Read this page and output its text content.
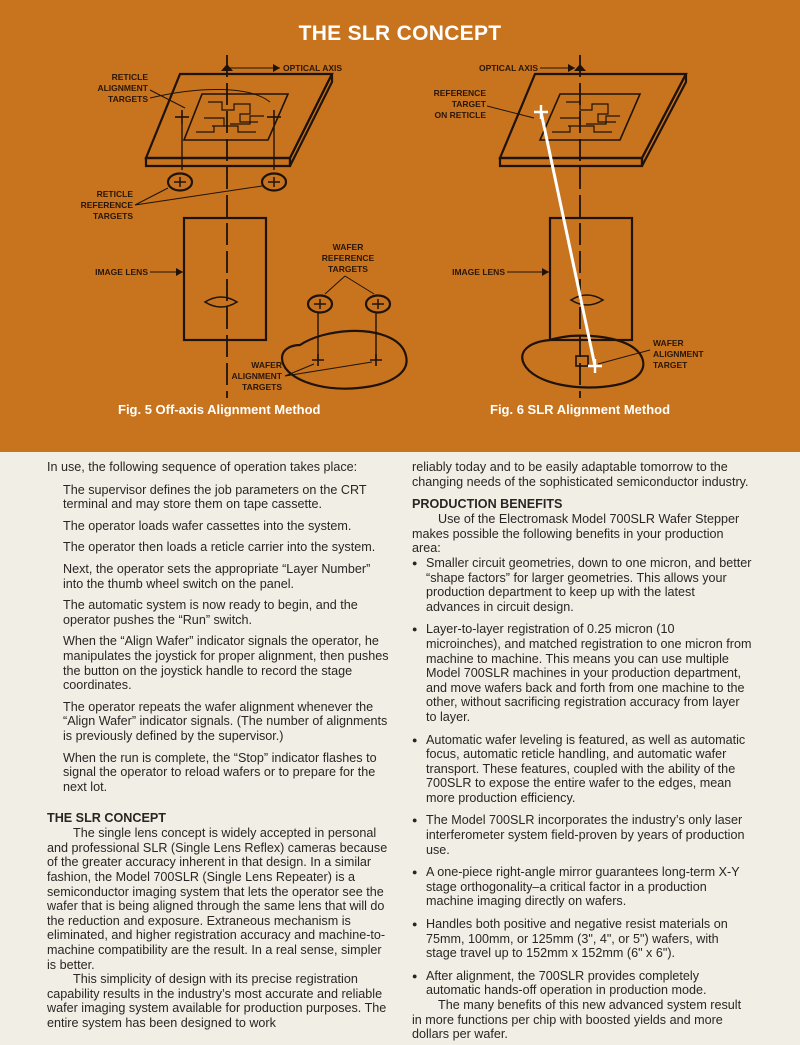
THE SLR CONCEPT
OPTICAL AXIS
RETICLE
ALIGNMENT
TARGETS
RETICLE
REFERENCE
TARGETS
IMAGE LENS
WAFER
REFERENCE
TARGETS
WAFER
ALIGNMENT
TARGETS
OPTICAL AXIS
REFERENCE
TARGET
ON RETICLE
IMAGE LENS
WAFER
ALIGNMENT
TARGET
Fig. 5 Off-axis Alignment Method	Fig. 6 SLR Alignment Method

In use, the following sequence of operation takes place:

The supervisor defines the job parameters on the CRT terminal and may store them on tape cassette.

The operator loads wafer cassettes into the system.

The operator then loads a reticle carrier into the system.

Next, the operator sets the appropriate “Layer Number” into the thumb wheel switch on the panel.

The automatic system is now ready to begin, and the operator pushes the “Run” switch.

When the “Align Wafer” indicator signals the operator, he manipulates the joystick for proper alignment, then pushes the button on the joystick handle to record the stage coordinates.

The operator repeats the wafer alignment whenever the “Align Wafer” indicator signals. (The number of alignments is previously defined by the supervisor.)

When the run is complete, the “Stop” indicator flashes to signal the operator to reload wafers or to prepare for the next lot.

THE SLR CONCEPT

The single lens concept is widely accepted in personal and professional SLR (Single Lens Reflex) cameras because of the greater accuracy inherent in that design. In a similar fashion, the Model 700SLR (Single Lens Repeater) is a semiconductor imaging system that lets the operator see the wafer that is being aligned through the same lens that will do the reduction and exposure. Extraneous mechanism is eliminated, and higher registration accuracy and machine-to-machine compatibility are the result. In a real sense, simpler is better.

This simplicity of design with its precise registration capability results in the industry’s most accurate and reliable wafer imaging system available for production purposes. The entire system has been designed to work

reliably today and to be easily adaptable tomorrow to the changing needs of the sophisticated semiconductor industry.

PRODUCTION BENEFITS

Use of the Electromask Model 700SLR Wafer Stepper makes possible the following benefits in your production area:

● Smaller circuit geometries, down to one micron, and better “shape factors” for larger geometries. This allows your production department to keep up with the latest advances in circuit design.
● Layer-to-layer registration of 0.25 micron (10 microinches), and matched registration to one micron from machine to machine. This means you can use multiple Model 700SLR machines in your production department, and move wafers back and forth from one machine to the other, without sacrificing registration accuracy from layer to layer.
● Automatic wafer leveling is featured, as well as automatic focus, automatic reticle handling, and automatic wafer transport. These features, coupled with the ability of the 700SLR to expose the entire wafer to the edges, mean more production efficiency.
● The Model 700SLR incorporates the industry’s only laser interferometer system field-proven by years of production use.
● A one-piece right-angle mirror guarantees long-term X-Y stage orthogonality–a critical factor in a production machine imaging directly on wafers.
● Handles both positive and negative resist materials on 75mm, 100mm, or 125mm (3", 4", or 5") wafers, with stage travel up to 152mm x 152mm (6" x 6").
● After alignment, the 700SLR provides completely automatic hands-off operation in production mode.

The many benefits of this new advanced system result in more functions per chip with boosted yields and more dollars per wafer.
